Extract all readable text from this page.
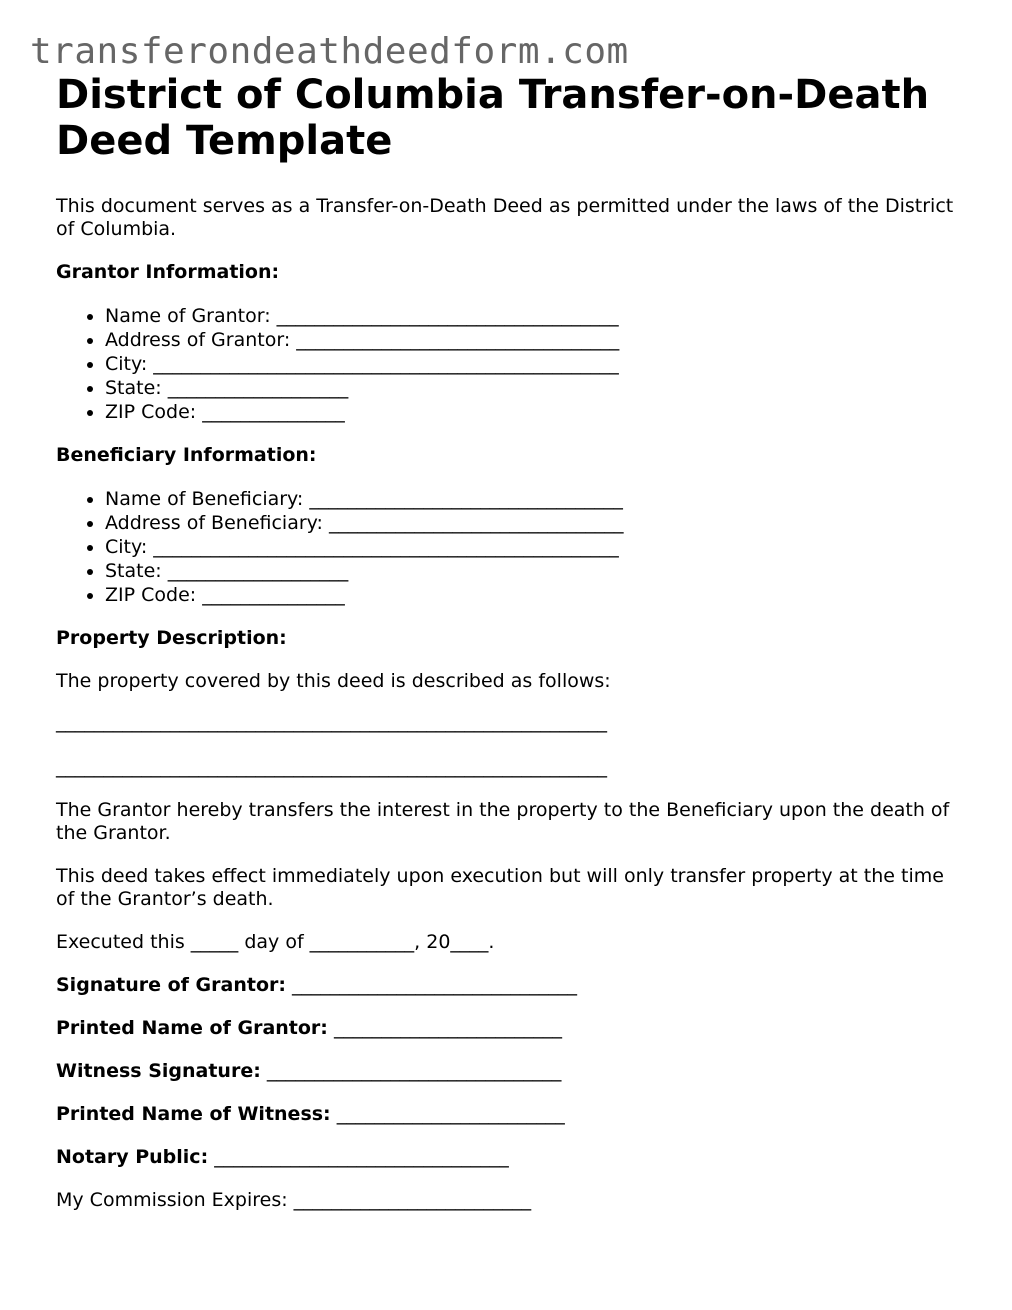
transferondeathdeedform.com
District of Columbia Transfer-on-Death Deed Template

This document serves as a Transfer-on-Death Deed as permitted under the laws of the District of Columbia.

Grantor Information:

• Name of Grantor: ____________________________________
• Address of Grantor: __________________________________
• City: _________________________________________________
• State: ___________________
• ZIP Code: _______________

Beneficiary Information:

• Name of Beneficiary: _________________________________
• Address of Beneficiary: _______________________________
• City: _________________________________________________
• State: ___________________
• ZIP Code: _______________

Property Description:

The property covered by this deed is described as follows:

__________________________________________________________
__________________________________________________________

The Grantor hereby transfers the interest in the property to the Beneficiary upon the death of the Grantor.

This deed takes effect immediately upon execution but will only transfer property at the time of the Grantor’s death.

Executed this _____ day of ___________, 20____.

Signature of Grantor: ______________________________

Printed Name of Grantor: ________________________

Witness Signature: _______________________________

Printed Name of Witness: ________________________

Notary Public: _______________________________

My Commission Expires: _________________________
